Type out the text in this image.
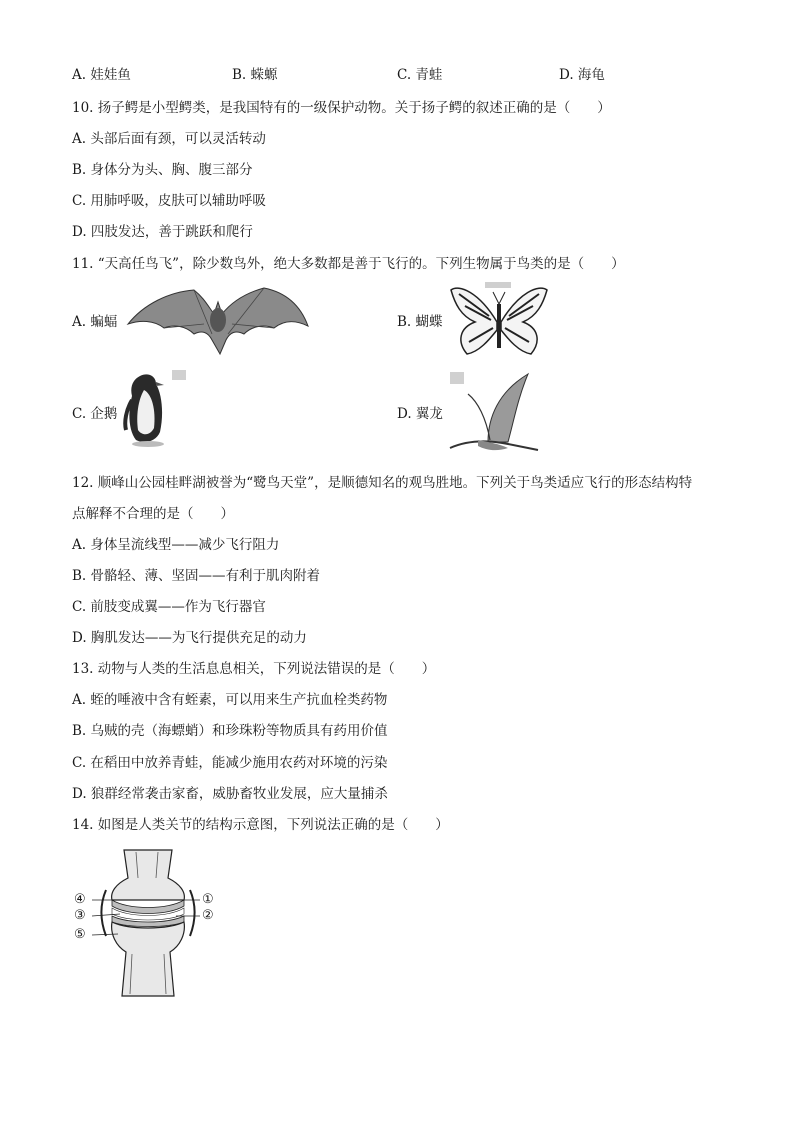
A. 娃娃鱼	B. 蝾螈	C. 青蛙	D. 海龟
10. 扬子鳄是小型鳄类，是我国特有的一级保护动物。关于扬子鳄的叙述正确的是（　　）
A. 头部后面有颈，可以灵活转动
B. 身体分为头、胸、腹三部分
C. 用肺呼吸，皮肤可以辅助呼吸
D. 四肢发达，善于跳跃和爬行
11. “天高任鸟飞”，除少数鸟外，绝大多数都是善于飞行的。下列生物属于鸟类的是（　　）
A. 蝙蝠	B. 蝴蝶
C. 企鹅	D. 翼龙
12. 顺峰山公园桂畔湖被誉为“鹭鸟天堂”，是顺德知名的观鸟胜地。下列关于鸟类适应飞行的形态结构特
点解释不合理的是（　　）
A. 身体呈流线型——减少飞行阻力
B. 骨骼轻、薄、坚固——有利于肌肉附着
C. 前肢变成翼——作为飞行器官
D. 胸肌发达——为飞行提供充足的动力
13. 动物与人类的生活息息相关，下列说法错误的是（　　）
A. 蛭的唾液中含有蛭素，可以用来生产抗血栓类药物
B. 乌贼的壳（海螵蛸）和珍珠粉等物质具有药用价值
C. 在稻田中放养青蛙，能减少施用农药对环境的污染
D. 狼群经常袭击家畜，威胁畜牧业发展，应大量捕杀
14. 如图是人类关节的结构示意图，下列说法正确的是（　　）
④	①
③	②
⑤
